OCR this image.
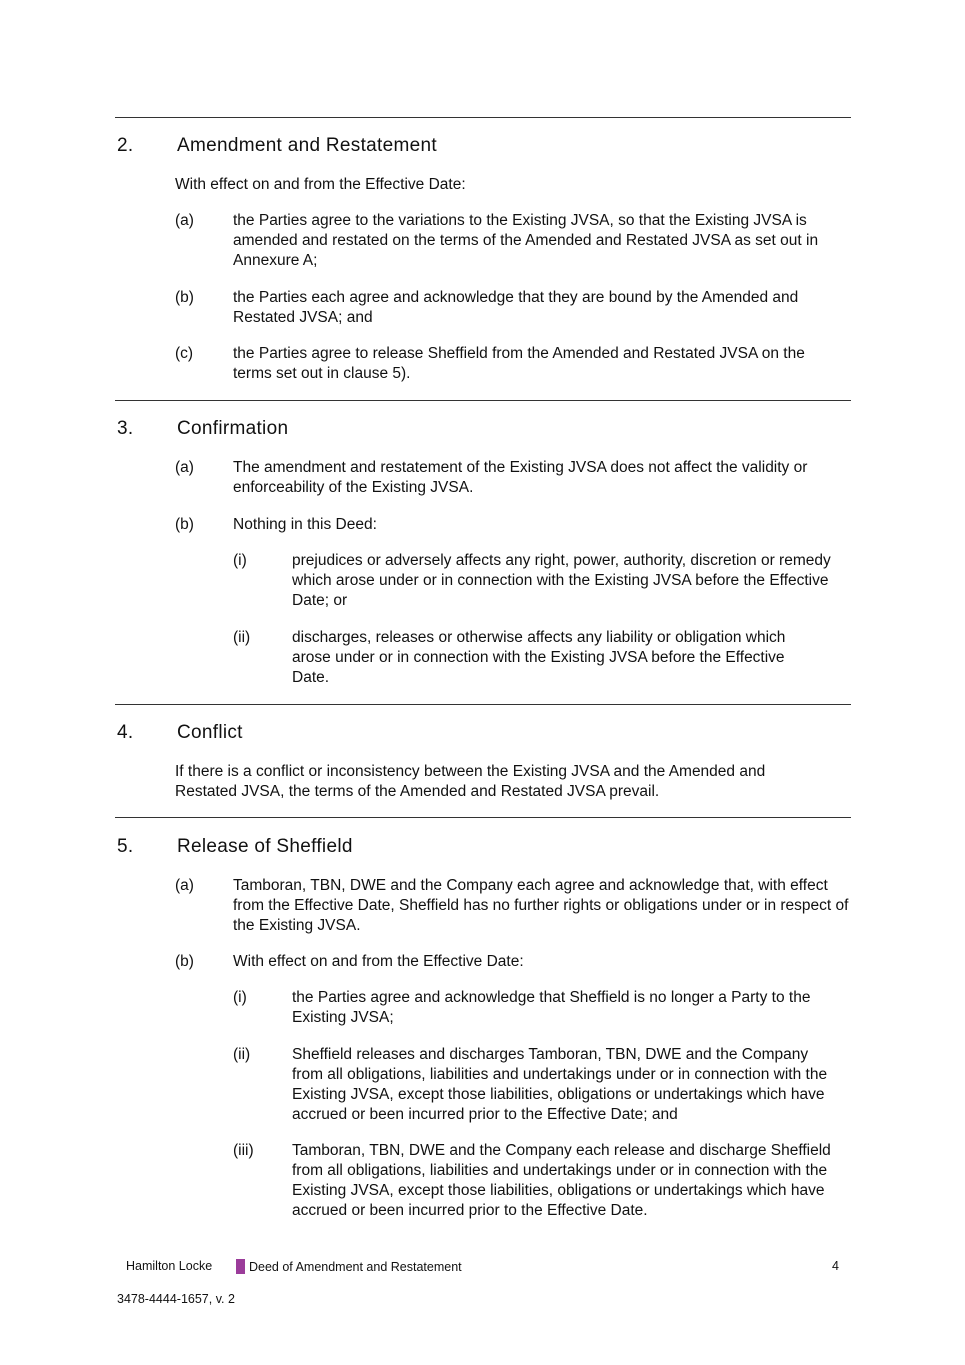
2. Amendment and Restatement
With effect on and from the Effective Date:
(a)	the Parties agree to the variations to the Existing JVSA, so that the Existing JVSA is amended and restated on the terms of the Amended and Restated JVSA as set out in Annexure A;
(b)	the Parties each agree and acknowledge that they are bound by the Amended and Restated JVSA; and
(c)	the Parties agree to release Sheffield from the Amended and Restated JVSA on the terms set out in clause 5).
3. Confirmation
(a)	The amendment and restatement of the Existing JVSA does not affect the validity or enforceability of the Existing JVSA.
(b)	Nothing in this Deed:
(i)	prejudices or adversely affects any right, power, authority, discretion or remedy which arose under or in connection with the Existing JVSA before the Effective Date; or
(ii)	discharges, releases or otherwise affects any liability or obligation which arose under or in connection with the Existing JVSA before the Effective Date.
4. Conflict
If there is a conflict or inconsistency between the Existing JVSA and the Amended and Restated JVSA, the terms of the Amended and Restated JVSA prevail.
5. Release of Sheffield
(a)	Tamboran, TBN, DWE and the Company each agree and acknowledge that, with effect from the Effective Date, Sheffield has no further rights or obligations under or in respect of the Existing JVSA.
(b)	With effect on and from the Effective Date:
(i)	the Parties agree and acknowledge that Sheffield is no longer a Party to the Existing JVSA;
(ii)	Sheffield releases and discharges Tamboran, TBN, DWE and the Company from all obligations, liabilities and undertakings under or in connection with the Existing JVSA, except those liabilities, obligations or undertakings which have accrued or been incurred prior to the Effective Date; and
(iii) Tamboran, TBN, DWE and the Company each release and discharge Sheffield from all obligations, liabilities and undertakings under or in connection with the Existing JVSA, except those liabilities, obligations or undertakings which have accrued or been incurred prior to the Effective Date.
Hamilton Locke	Deed of Amendment and Restatement	4
3478-4444-1657, v. 2
